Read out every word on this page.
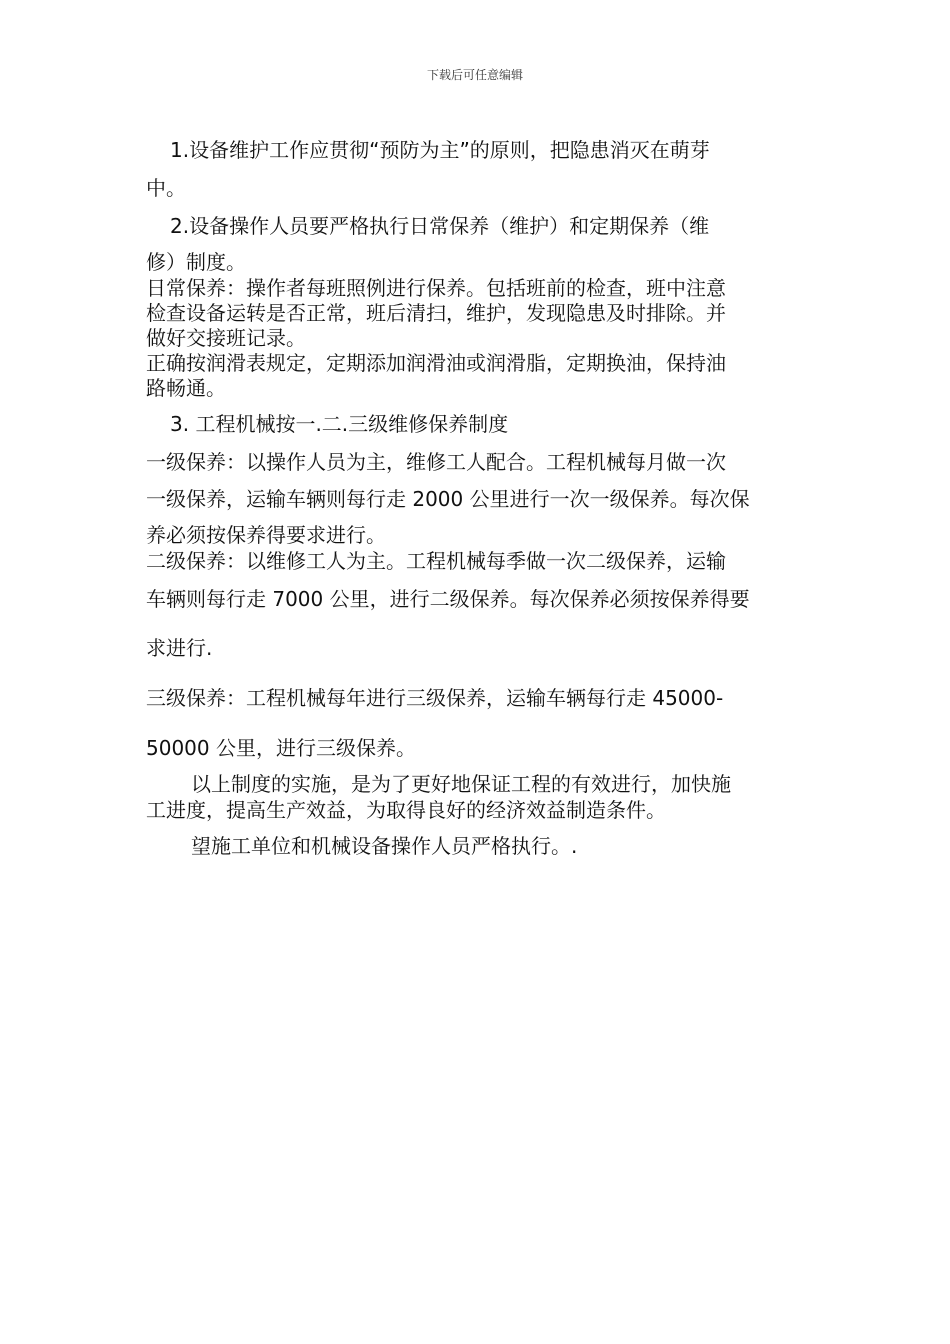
下载后可任意编辑
1.设备维护工作应贯彻“预防为主”的原则，把隐患消灭在萌芽
中。
2.设备操作人员要严格执行日常保养（维护）和定期保养（维
修）制度。
日常保养：操作者每班照例进行保养。包括班前的检查，班中注意
检查设备运转是否正常，班后清扫，维护，发现隐患及时排除。并
做好交接班记录。
正确按润滑表规定，定期添加润滑油或润滑脂，定期换油，保持油
路畅通。
3. 工程机械按一.二.三级维修保养制度
一级保养：以操作人员为主，维修工人配合。工程机械每月做一次
一级保养，运输车辆则每行走 2000 公里进行一次一级保养。每次保
养必须按保养得要求进行。
二级保养：以维修工人为主。工程机械每季做一次二级保养，运输
车辆则每行走 7000 公里，进行二级保养。每次保养必须按保养得要
求进行.
三级保养：工程机械每年进行三级保养，运输车辆每行走 45000-
50000 公里，进行三级保养。
以上制度的实施，是为了更好地保证工程的有效进行，加快施
工进度，提高生产效益，为取得良好的经济效益制造条件。
望施工单位和机械设备操作人员严格执行。.
